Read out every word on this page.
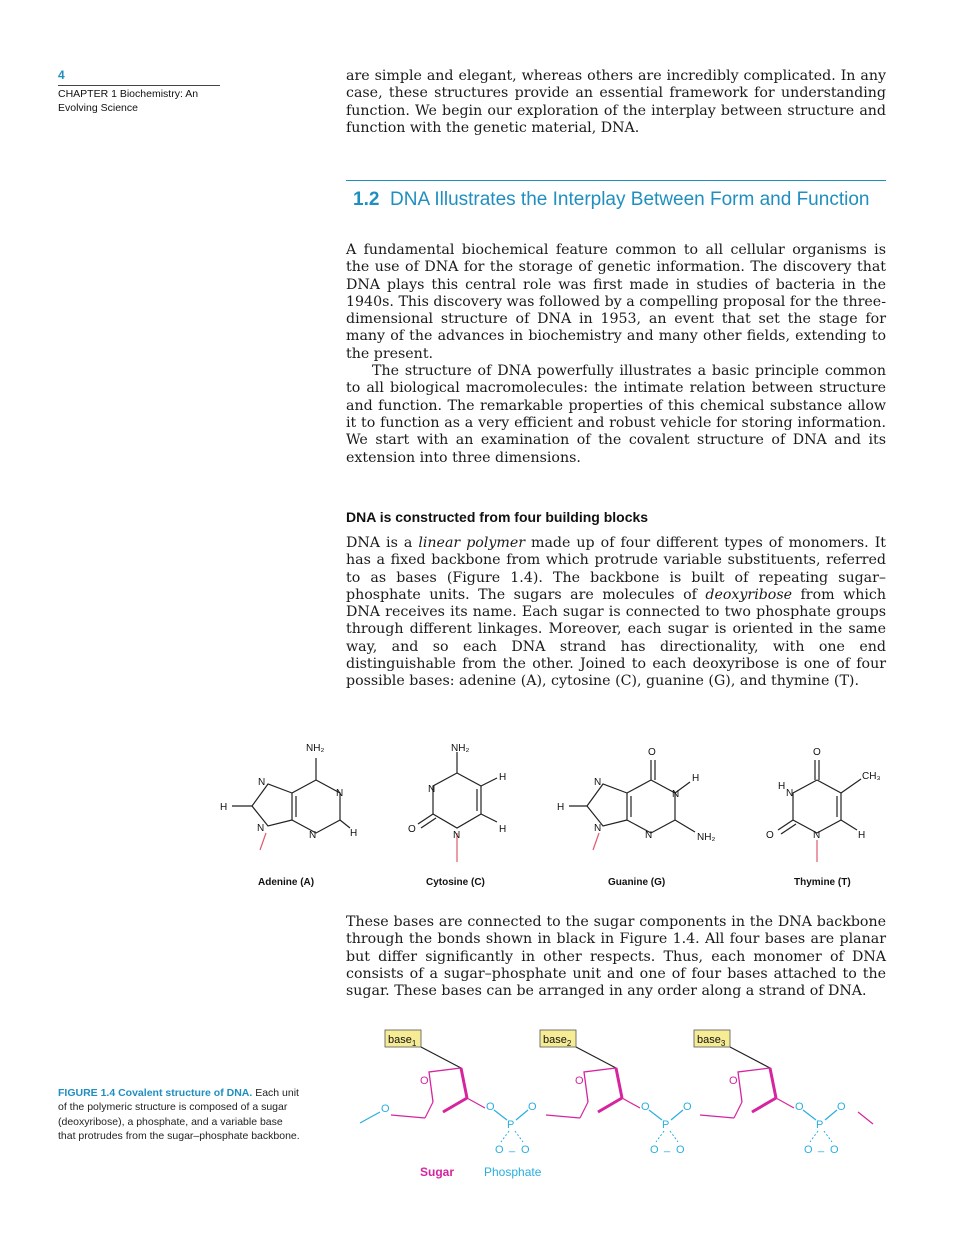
4
CHAPTER 1 Biochemistry: An Evolving Science

are simple and elegant, whereas others are incredibly complicated. In any case, these structures provide an essential framework for understanding function. We begin our exploration of the interplay between structure and function with the genetic material, DNA.

1.2 DNA Illustrates the Interplay Between Form and Function

A fundamental biochemical feature common to all cellular organisms is the use of DNA for the storage of genetic information. The discovery that DNA plays this central role was first made in studies of bacteria in the 1940s. This discovery was followed by a compelling proposal for the three-dimensional structure of DNA in 1953, an event that set the stage for many of the advances in biochemistry and many other fields, extending to the present.

The structure of DNA powerfully illustrates a basic principle common to all biological macromolecules: the intimate relation between structure and function. The remarkable properties of this chemical substance allow it to function as a very efficient and robust vehicle for storing information. We start with an examination of the covalent structure of DNA and its extension into three dimensions.

DNA is constructed from four building blocks

DNA is a linear polymer made up of four different types of monomers. It has a fixed backbone from which protrude variable substituents, referred to as bases (Figure 1.4). The backbone is built of repeating sugar–phosphate units. The sugars are molecules of deoxyribose from which DNA receives its name. Each sugar is connected to two phosphate groups through different linkages. Moreover, each sugar is oriented in the same way, and so each DNA strand has directionality, with one end distinguishable from the other. Joined to each deoxyribose is one of four possible bases: adenine (A), cytosine (C), guanine (G), and thymine (T).

NH₂
N
N
N
N
H
H
Adenine (A)
NH₂
N
N
H
H
O
Cytosine (C)
O
N
N
N
N
H
H
NH₂
Guanine (G)
O
CH₃
N
H
N	H
O
Thymine (T)

These bases are connected to the sugar components in the DNA backbone through the bonds shown in black in Figure 1.4. All four bases are planar but differ significantly in other respects. Thus, each monomer of DNA consists of a sugar–phosphate unit and one of four bases attached to the sugar. These bases can be arranged in any order along a strand of DNA.

O
base$_1$
O
O
P
O
O _ O
base$_2$
O
O
P
O
O _ O
base$_3$
O
O
P
O
O _ O
Sugar Phosphate

FIGURE 1.4 Covalent structure of DNA. Each unit of the polymeric structure is composed of a sugar (deoxyribose), a phosphate, and a variable base that protrudes from the sugar–phosphate backbone.
